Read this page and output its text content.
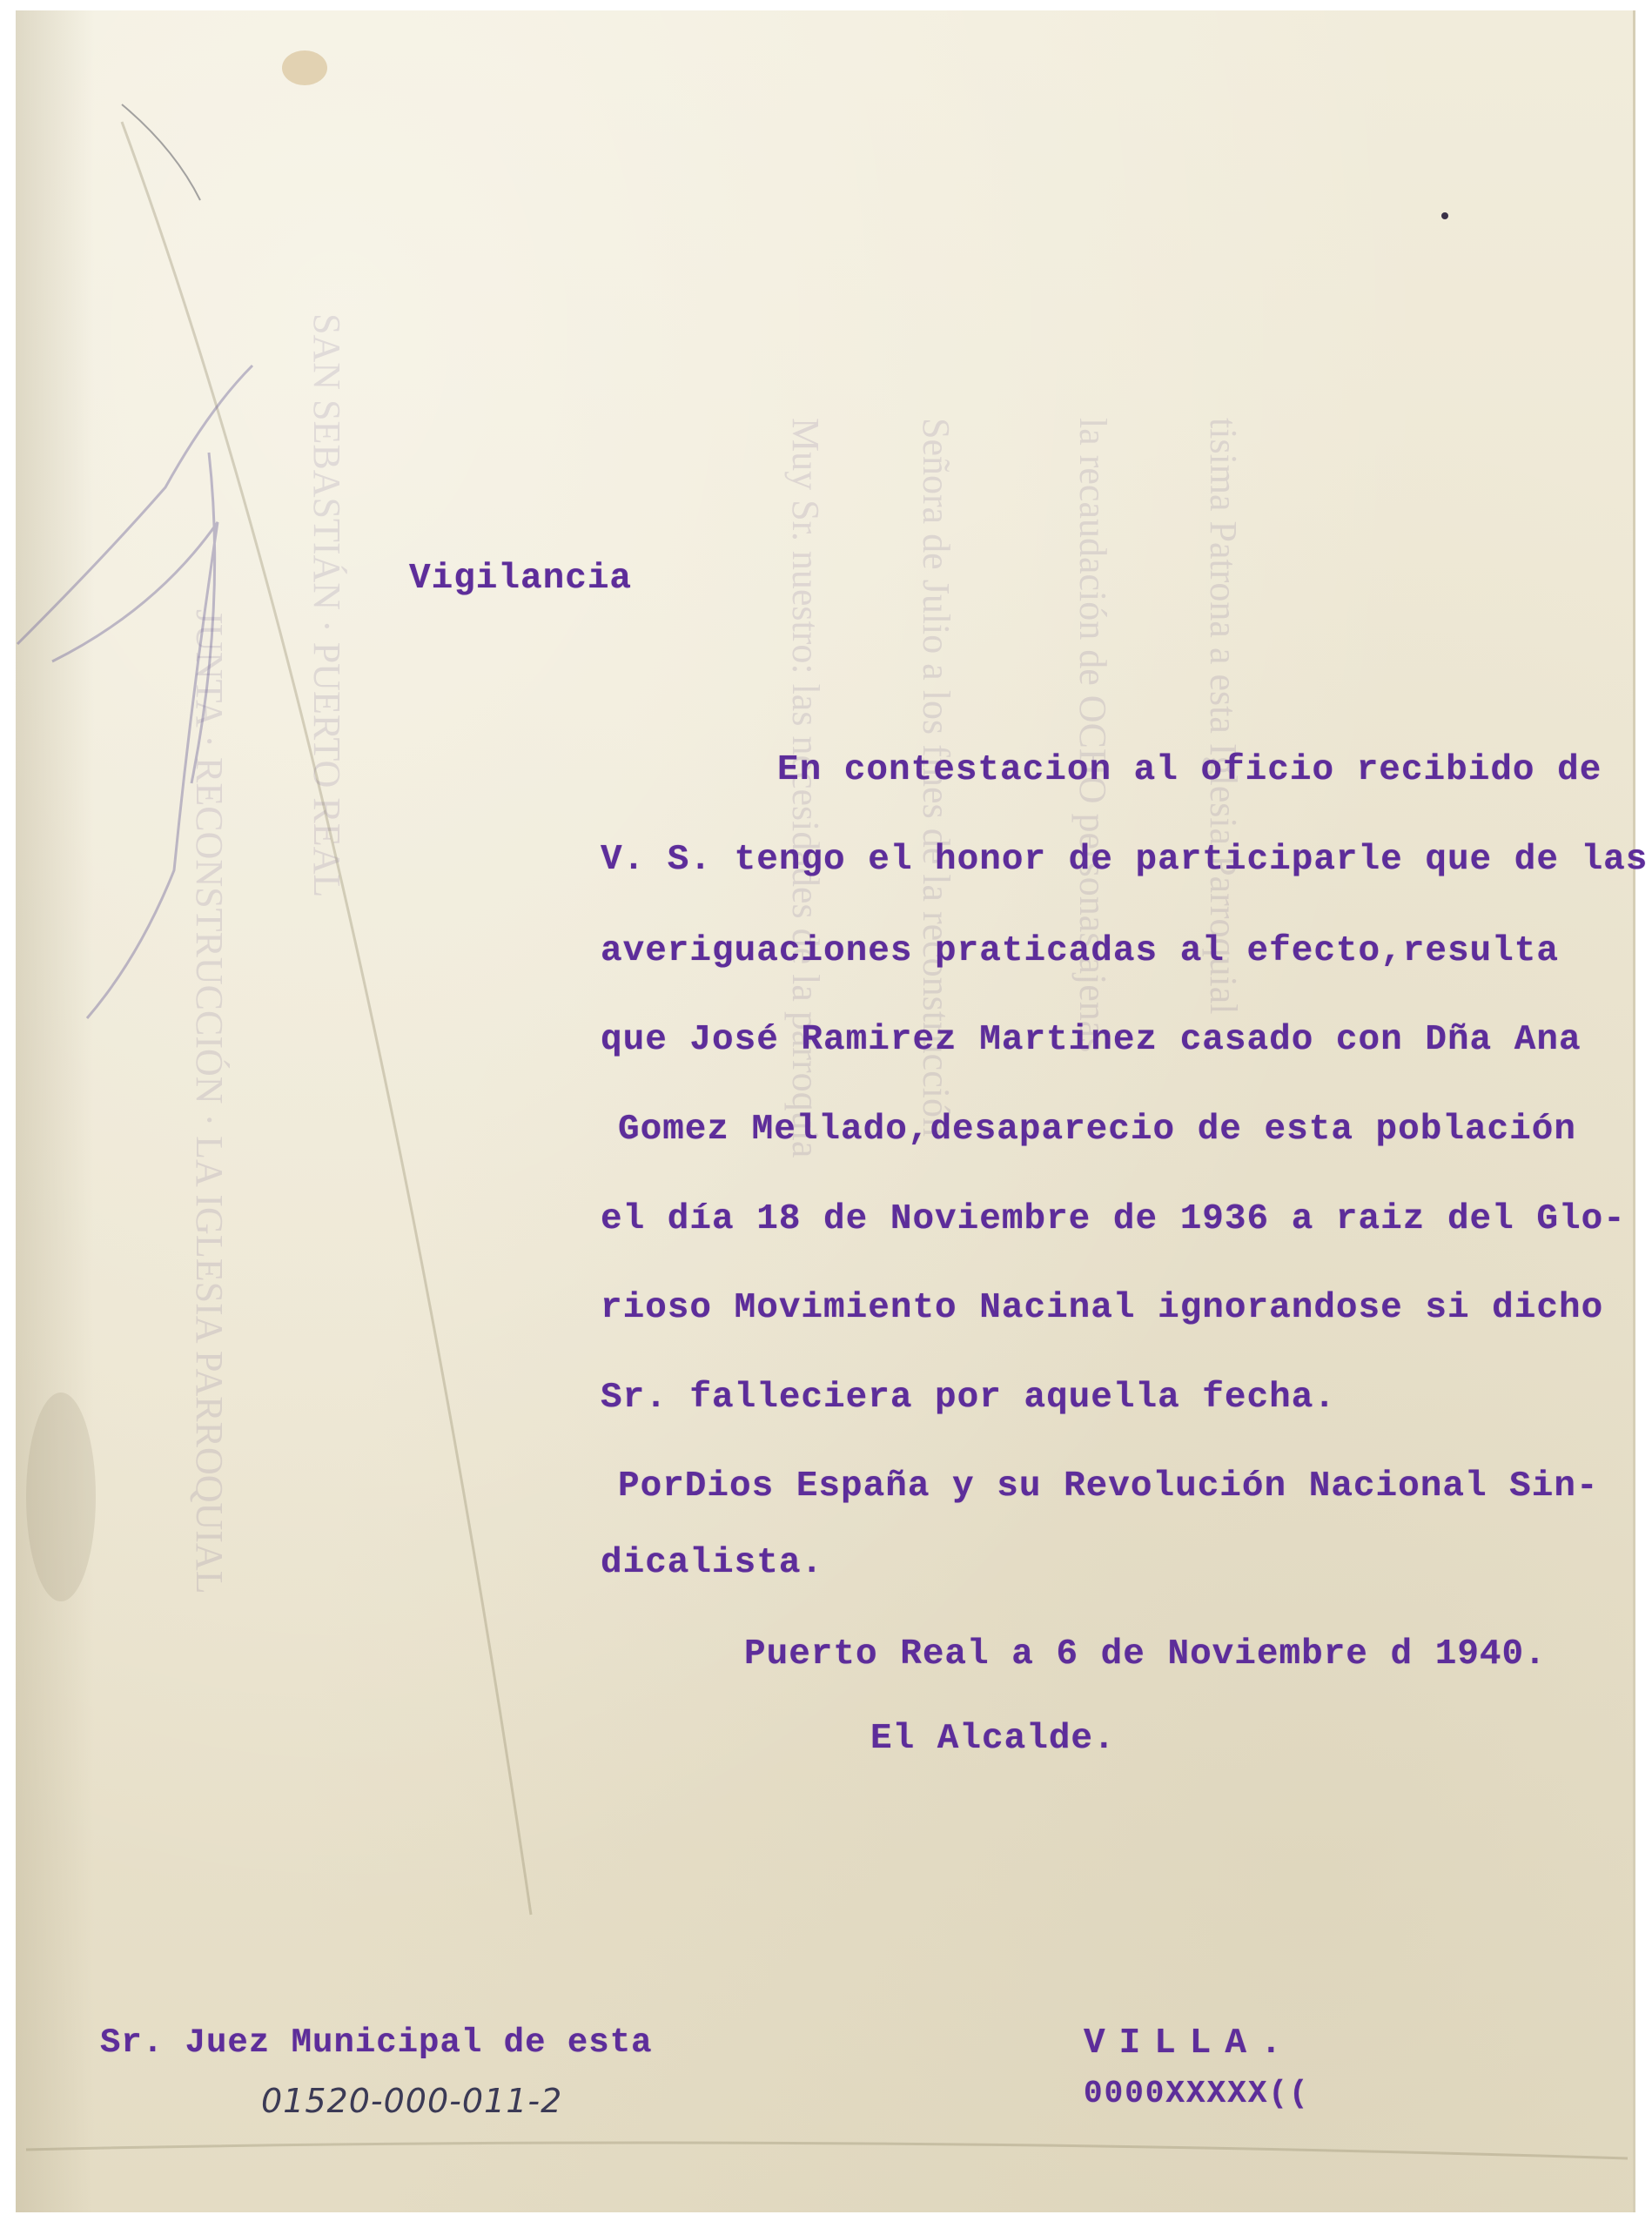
JUNTA · RECONSTRUCCIÓN · LA IGLESIA PARROQUIAL
SAN SEBASTIÁN · PUERTO REAL	Muy Sr. nuestro: las necesidades de la parroquia Señora de Julio a los fines de la reconstrucción	la recaudación de OCHO personas ajenas tisima Patrona a esta Iglesia Parroquial
Vigilancia
En contestacion al oficio recibido de
V. S. tengo el honor de participarle que de las
averiguaciones praticadas al efecto,resulta
que José Ramirez Martinez casado con Dña Ana
Gomez Mellado,desaparecio de esta población
el día 18 de Noviembre de 1936 a raiz del Glo-
rioso Movimiento Nacinal ignorandose si dicho
Sr. falleciera por aquella fecha.
PorDios España y su Revolución Nacional Sin-
dicalista.
Puerto Real a 6 de Noviembre d 1940.
El Alcalde.
Sr. Juez Municipal de esta	VILLA.
0000XXXXX((
01520-000-011-2
